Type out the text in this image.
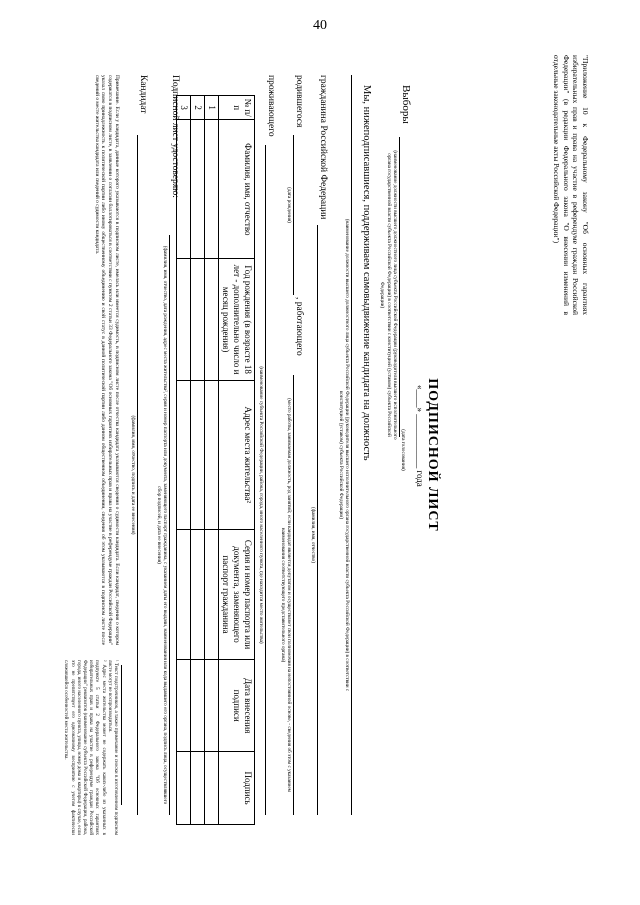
40
"Приложение 10 к Федеральному закону "Об основных гарантиях избирательных прав и права на участие в референдуме граждан Российской Федерации" (в редакции Федерального закона "О внесении изменений в отдельные законодательные акты Российской Федерации")
ПОДПИСНОЙ ЛИСТ
Выборы
(наименование должности высшего должностного лица субъекта Российской Федерации (руководителя высшего исполнительного органа государственной власти субъекта Российской Федерации) в соответствии с конституцией (уставом) субъекта Российской Федерации)
«____» ____________ года
(дата голосования)
Мы, нижеподписавшиеся, поддерживаем самовыдвижение кандидата на должность
(наименование должности высшего должностного лица субъекта Российской Федерации (руководителя высшего исполнительного органа государственной власти субъекта Российской Федерации) в соответствии с конституцией (уставом) субъекта Российской Федерации)
гражданина Российской Федерации
(фамилия, имя, отчество)
родившегося
, работающего
(дата рождения)
(место работы, занимаемая должность, род занятий; если кандидат является депутатом и осуществляет свои полномочия на непостоянной основе, - сведения об этом с указанием наименования соответствующего представительного органа)
проживающего
(наименование субъекта Российской Федерации, района, города, иного населенного пункта, где находится место жительства)
№ п/п	Фамилия, имя, отчество	Год рождения (в возрасте 18 лет - дополнительно число и месяц рождения)	Адрес места жительства²	Серия и номер паспорта или документа, заменяющего паспорт гражданина	Дата внесения подписи	Подпись
1						
2						
3						
Подписной лист удостоверяю:
(фамилия, имя, отчество, дата рождения, адрес места жительства², серия и номер паспорта или документа, заменяющего паспорт гражданина, с указанием даты его выдачи, наименования или кода выдавшего его органа, подпись лица, осуществлявшего сбор подписей, и дата ее внесения)
Кандидат
(фамилия, имя, отчество, подпись и дата ее внесения)
Примечание. Если у кандидата, данные которого указываются в подписном листе, имелась или имеется судимость, в подписном листе после отчества кандидата указываются сведения о судимости кандидата. Если кандидат, сведения о котором содержатся в подписном листе, в заявлении о согласии баллотироваться в соответствии с пунктом 2 статьи 33 Федерального закона "Об основных гарантиях избирательных прав и права на участие в референдуме граждан Российской Федерации" указал свою принадлежность к политической партии либо иному общественному объединению и свой статус в данной политической партии либо данном общественном объединении, сведения об этом указываются в подписном листе после сведений о месте жительства кандидата или сведений о судимости кандидата.
¹ Текст подстрочников, а также примечание и сноски в изготовленном подписном листе могут не воспроизводиться.
² Адрес места жительства может не содержать каких-либо из указанных в подпункте 5 статьи 2 Федерального закона "Об основных гарантиях избирательных прав и права на участие в референдуме граждан Российской Федерации" реквизитов (наименование субъекта Российской Федерации, района, города, иного населенного пункта, улицы, номер дома и квартиры) в случае, если это не препятствует его однозначному восприятию с учетом фактически сложившейся особенностей места жительства.
